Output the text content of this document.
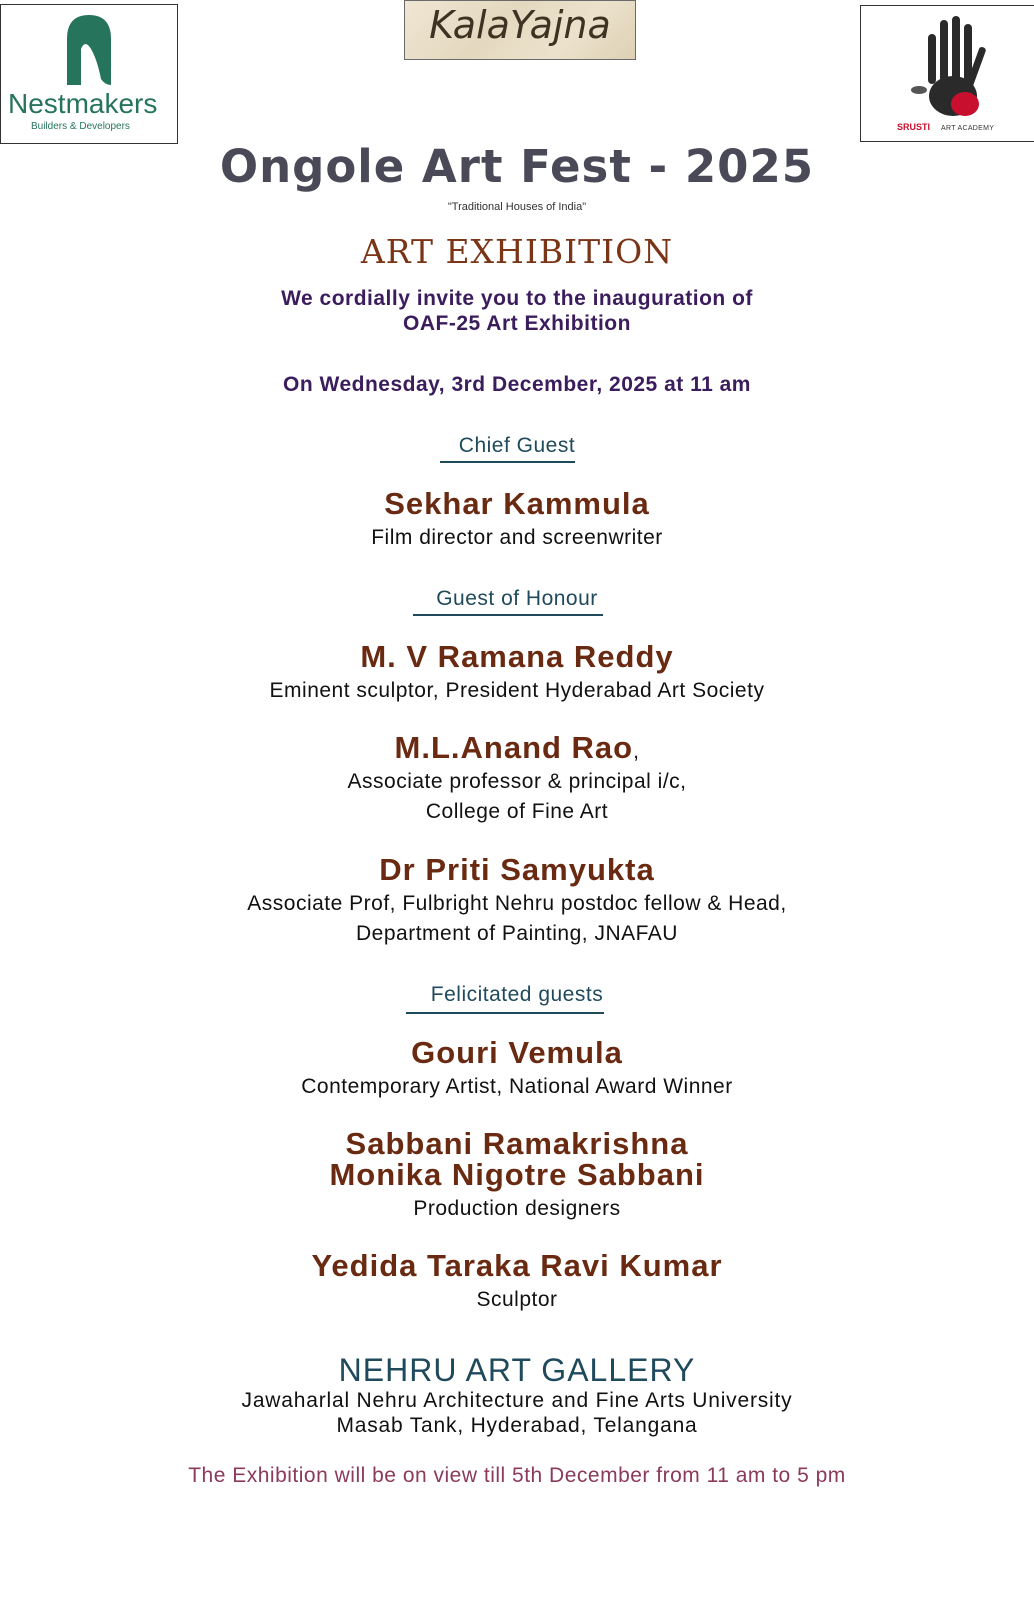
Nestmakers
Builders & Developers
KalaYajna
SRUSTI ART ACADEMY
Ongole Art Fest - 2025
"Traditional Houses of India"
ART EXHIBITION
We cordially invite you to the inauguration of
OAF-25 Art Exhibition
On Wednesday, 3rd December, 2025 at 11 am
Chief Guest
Sekhar Kammula
Film director and screenwriter
Guest of Honour
M. V Ramana Reddy
Eminent sculptor, President Hyderabad Art Society
M.L.Anand Rao,
Associate professor & principal i/c,
College of Fine Art
Dr Priti Samyukta
Associate Prof, Fulbright Nehru postdoc fellow & Head,
Department of Painting, JNAFAU
Felicitated guests
Gouri Vemula
Contemporary Artist, National Award Winner
Sabbani Ramakrishna
Monika Nigotre Sabbani
Production designers
Yedida Taraka Ravi Kumar
Sculptor
NEHRU ART GALLERY
Jawaharlal Nehru Architecture and Fine Arts University
Masab Tank, Hyderabad, Telangana
The Exhibition will be on view till 5th December from 11 am to 5 pm
